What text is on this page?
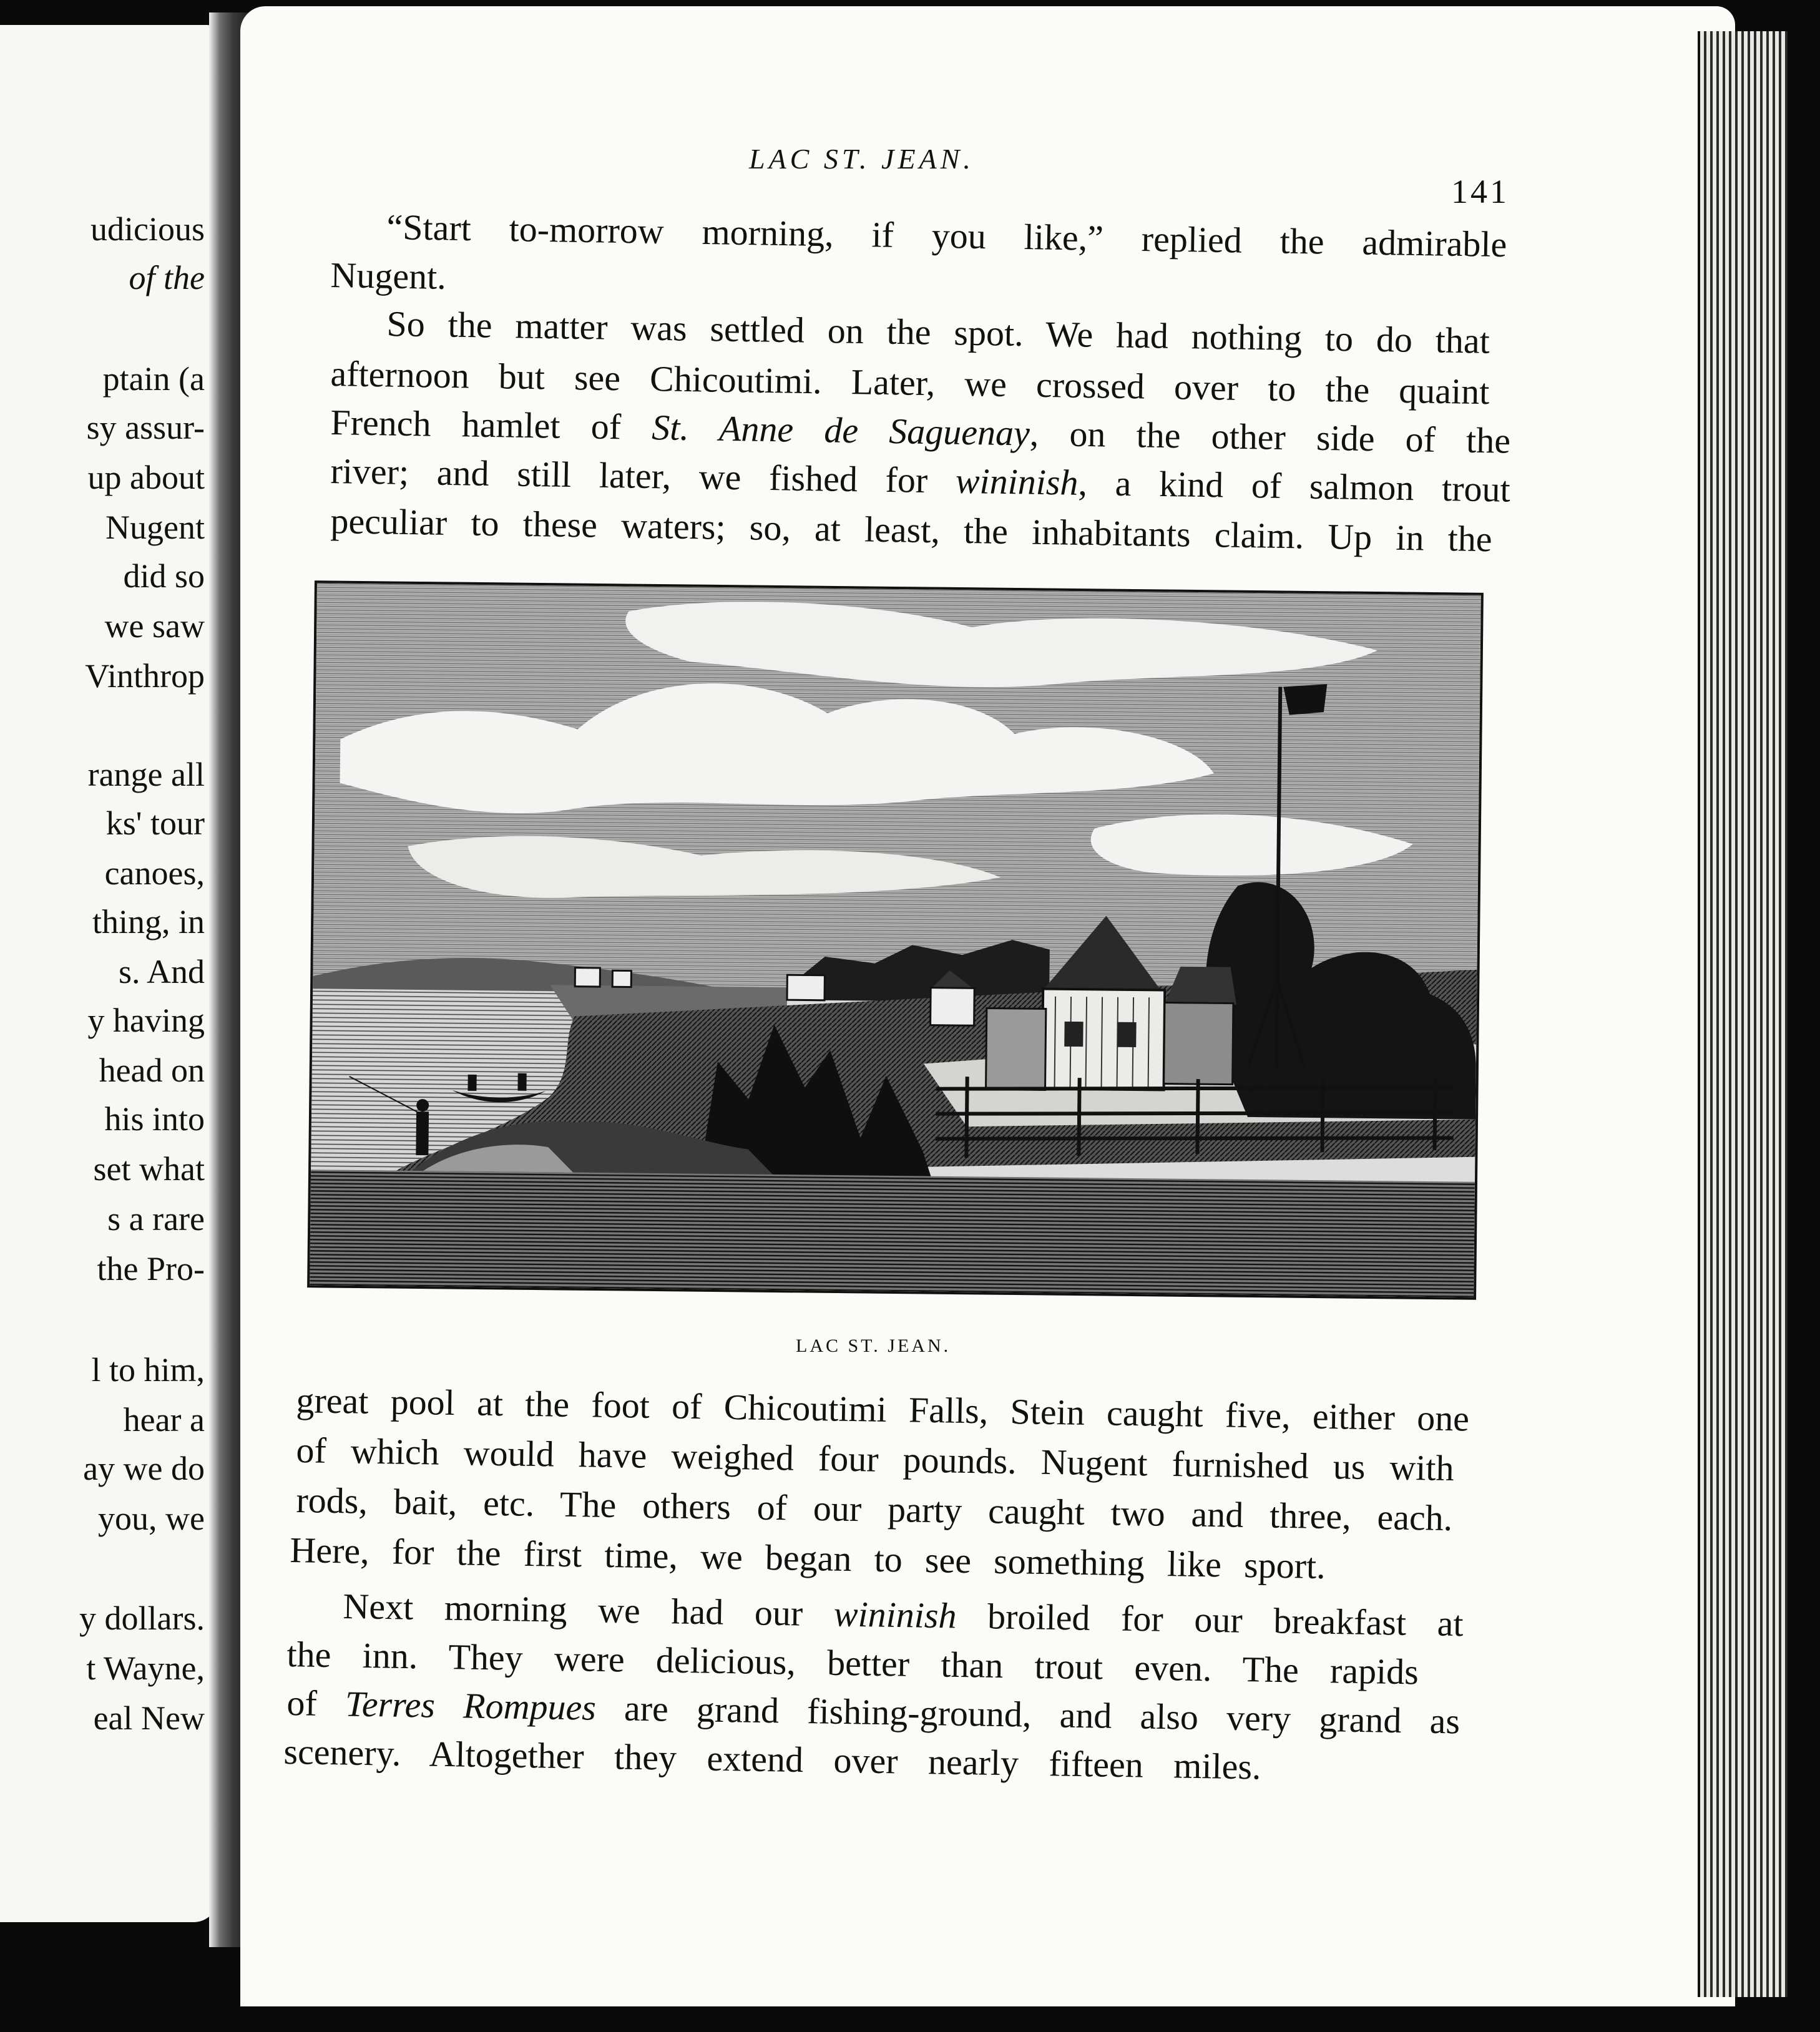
udicious
of the
ptain (a
sy assur-
up about
Nugent
did so
we saw
Vinthrop
range all
ks' tour
canoes,
thing, in
s. And
y having
head on
his into
set what
s a rare
the Pro-
l to him,
hear a
ay we do
you, we
y dollars.
t Wayne,
eal New
LAC ST. JEAN.
141
“Start to-morrow morning, if you like,” replied the admirable
Nugent.
So the matter was settled on the spot. We had nothing to do that
afternoon but see Chicoutimi. Later, we crossed over to the quaint
French hamlet of St. Anne de Saguenay, on the other side of the
river; and still later, we fished for wininish, a kind of salmon trout
peculiar to these waters; so, at least, the inhabitants claim. Up in the
LAC ST. JEAN.
great pool at the foot of Chicoutimi Falls, Stein caught five, either one
of which would have weighed four pounds. Nugent furnished us with
rods, bait, etc. The others of our party caught two and three, each.
Here, for the first time, we began to see something like sport.
Next morning we had our wininish broiled for our breakfast at
the inn. They were delicious, better than trout even. The rapids
of Terres Rompues are grand fishing-ground, and also very grand as
scenery. Altogether they extend over nearly fifteen miles.
